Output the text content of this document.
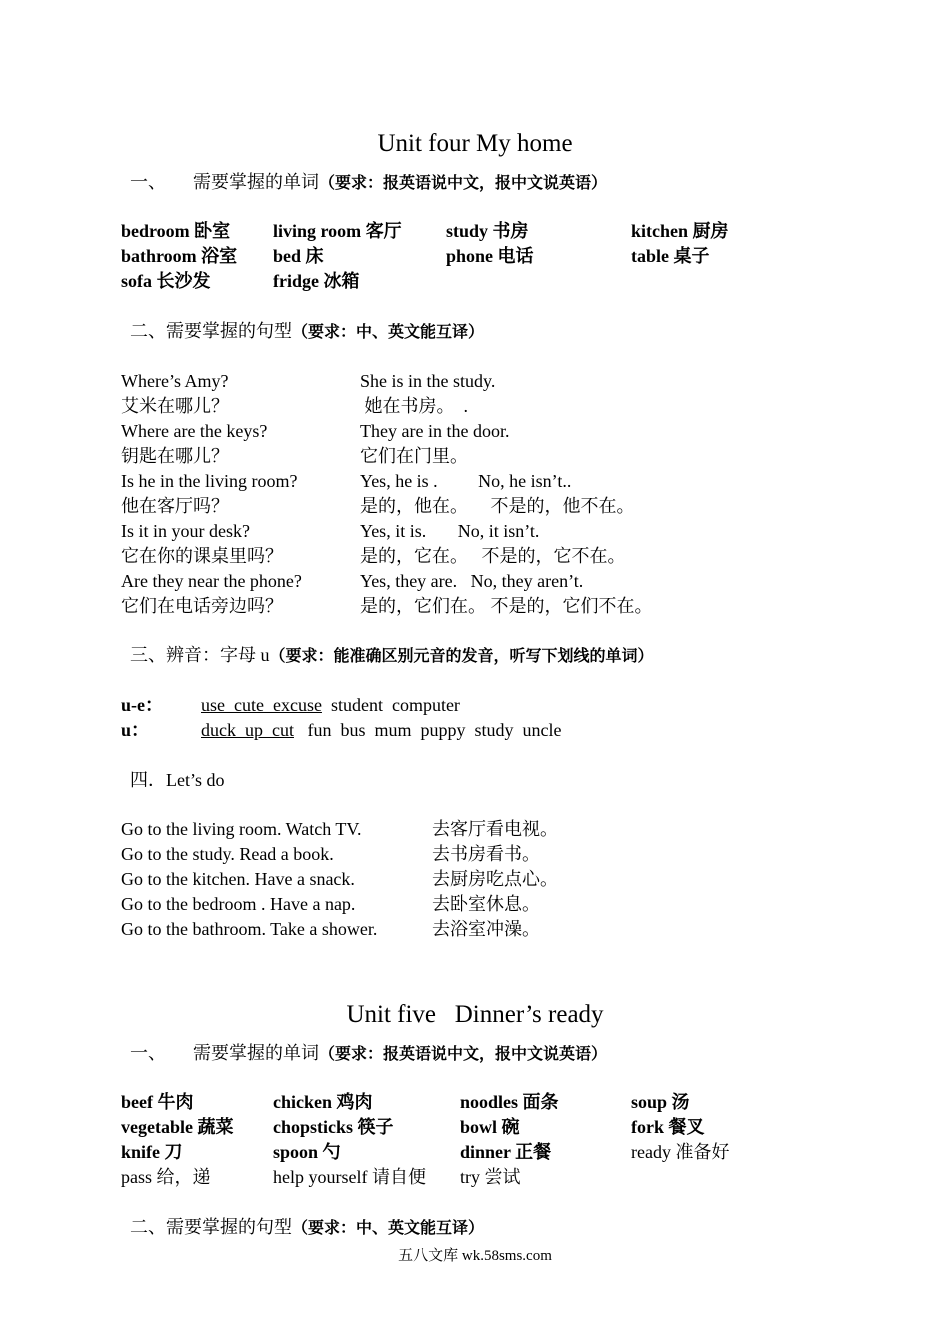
Unit four My home
一、      需要掌握的单词（要求：报英语说中文，报中文说英语）
bedroom 卧室 living room 客厅 study 书房	kitchen 厨房
bathroom 浴室 bed 床	phone 电话	table 桌子
sofa 长沙发	fridge 冰箱
二、需要掌握的句型（要求：中、英文能互译）
Where’s Amy?	She is in the study.
艾米在哪儿？	她在书房。  .
Where are the keys?	They are in the door.
钥匙在哪儿？	它们在门里。
Is he in the living room?	Yes, he is .         No, he isn’t..
他在客厅吗？	是的，他在。     不是的，他不在。
Is it in your desk?	Yes, it is.       No, it isn’t.
它在你的课桌里吗？	是的，它在。   不是的，它不在。
Are they near the phone?	Yes, they are.   No, they aren’t.
它们在电话旁边吗？	是的，它们在。 不是的，它们不在。
三、辨音：字母 u（要求：能准确区别元音的发音，听写下划线的单词）
u-e： use  cute  excuse student  computer
u：	duck  up  cut fun  bus  mum  puppy  study  uncle
四．Let’s do
Go to the living room. Watch TV.	去客厅看电视。
Go to the study. Read a book.	去书房看书。
Go to the kitchen. Have a snack.	去厨房吃点心。
Go to the bedroom . Have a nap.	去卧室休息。
Go to the bathroom. Take a shower.	去浴室冲澡。
Unit five   Dinner’s ready
一、      需要掌握的单词（要求：报英语说中文，报中文说英语）
beef 牛肉	chicken 鸡肉	noodles 面条	soup 汤
vegetable 蔬菜 chopsticks 筷子	bowl 碗	fork 餐叉
knife 刀	spoon 勺	dinner 正餐	ready 准备好
pass 给，递	help yourself 请自便 try 尝试
二、需要掌握的句型（要求：中、英文能互译）
五八文库 wk.58sms.com
